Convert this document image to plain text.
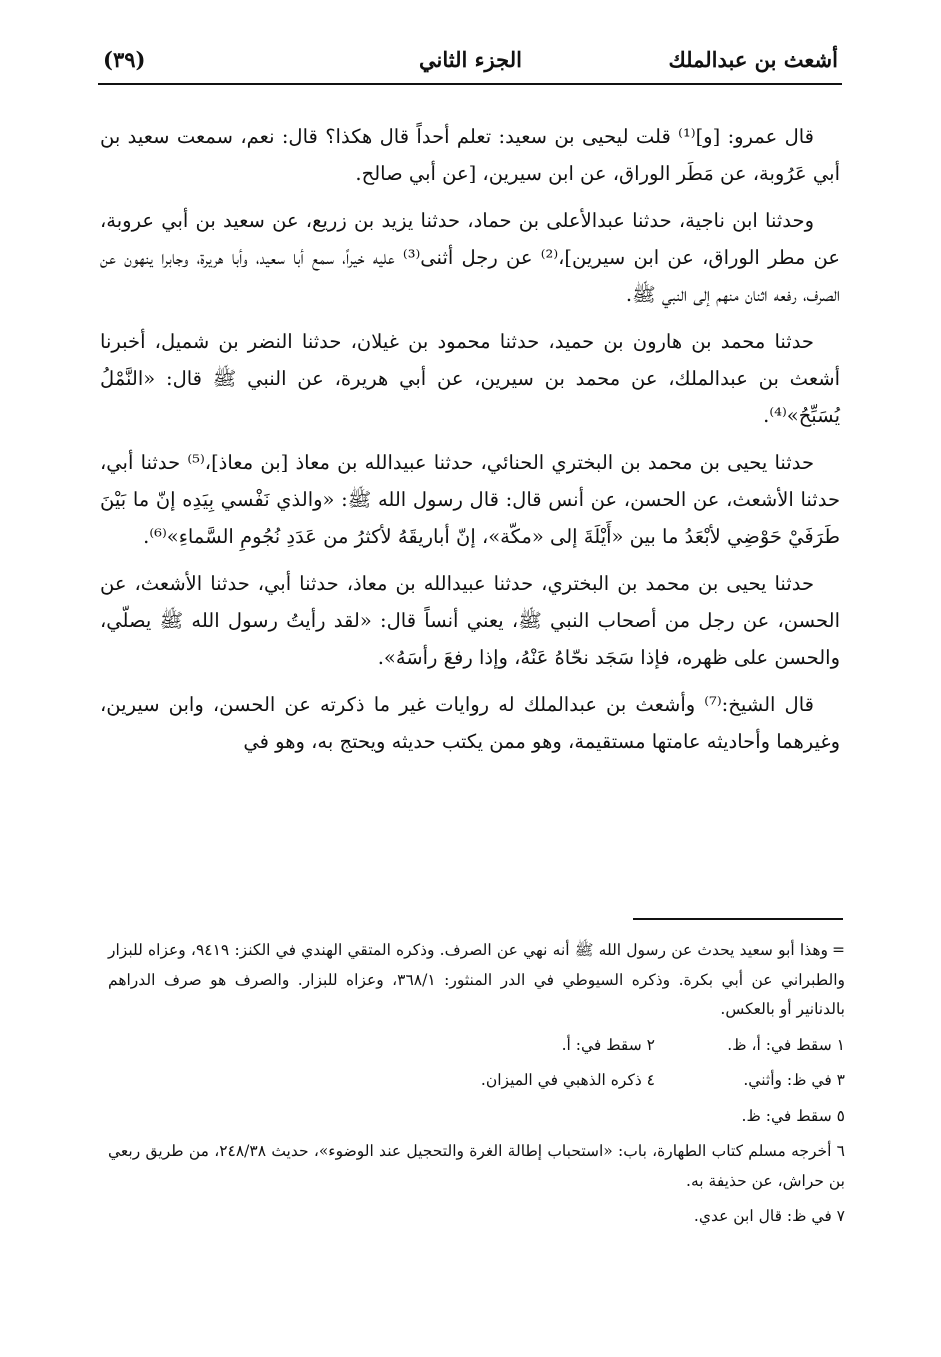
أشعث بن عبدالملك
الجزء الثاني
(٣٩)

قال عمرو: [و]⁽¹⁾ قلت ليحيى بن سعيد: تعلم أحداً قال هكذا؟ قال: نعم، سمعت سعيد بن أبي عَرُوبة، عن مَطَر الوراق، عن ابن سيرين، [عن أبي صالح.

وحدثنا ابن ناجية، حدثنا عبدالأعلى بن حماد، حدثنا يزيد بن زريع، عن سعيد بن أبي عروبة، عن مطر الوراق، عن ابن سيرين]،⁽²⁾ عن رجل أثنى⁽³⁾ عليه خيراً، سمع أبا سعيد، وأبا هريرة، وجابرا ينهون عن الصرف، رفعه اثنان منهم إلى النبي ﷺ.

حدثنا محمد بن هارون بن حميد، حدثنا محمود بن غيلان، حدثنا النضر بن شميل، أخبرنا أشعث بن عبدالملك، عن محمد بن سيرين، عن أبي هريرة، عن النبي ﷺ قال: «النَّمْلُ يُسَبِّحُ»⁽⁴⁾.

حدثنا يحيى بن محمد بن البختري الحنائي، حدثنا عبيدالله بن معاذ [بن معاذ]،⁽⁵⁾ حدثنا أبي، حدثنا الأشعث، عن الحسن، عن أنس قال: قال رسول الله ﷺ: «والذي نَفْسي بِيَدِه إنّ ما بَيْنَ طَرَفَيْ حَوْضِي لأبْعَدُ ما بين «أَيْلَةَ إلى «مكّة»، إنّ أباريقَهُ لأكثرُ من عَدَدِ نُجُومِ السَّماءِ»⁽⁶⁾.

حدثنا يحيى بن محمد بن البختري، حدثنا عبيدالله بن معاذ، حدثنا أبي، حدثنا الأشعث، عن الحسن، عن رجل من أصحاب النبي ﷺ، يعني أنساً قال: «لقد رأيتُ رسول الله ﷺ يصلّي، والحسن على ظهره، فإذا سَجَد نحّاهُ عَنْهُ، وإذا رفعَ رأسَهُ».

قال الشيخ:⁽⁷⁾ وأشعث بن عبدالملك له روايات غير ما ذكرته عن الحسن، وابن سيرين، وغيرهما وأحاديثه عامتها مستقيمة، وهو ممن يكتب حديثه ويحتج به، وهو في

=وهذا أبو سعيد يحدث عن رسول الله ﷺ أنه نهي عن الصرف. وذكره المتقي الهندي في الكنز: ٩٤١٩، وعزاه للبزار والطبراني عن أبي بكرة. وذكره السيوطي في الدر المنثور: ٣٦٨/١، وعزاه للبزار. والصرف هو صرف الدراهم بالدنانير أو بالعكس.
١ سقط في: أ، ظ.
٢ سقط في: أ.
٣ في ظ: وأثني.
٤ ذكره الذهبي في الميزان.
٥ سقط في: ظ.
٦ أخرجه مسلم كتاب الطهارة، باب: «استحباب إطالة الغرة والتحجيل عند الوضوء»، حديث ٢٤٨/٣٨، من طريق ربعي بن حراش، عن حذيفة به.
٧ في ظ: قال ابن عدي.
